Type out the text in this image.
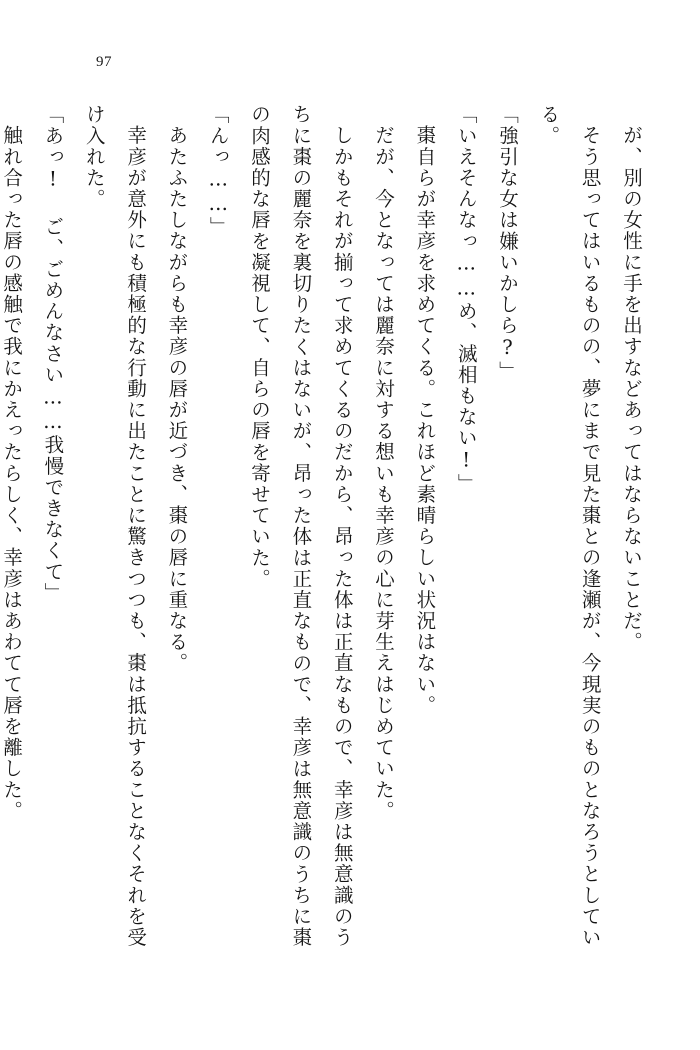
97

が、別の女性に手を出すなどあってはならないことだ。

そう思ってはいるものの、夢にまで見た棗との逢瀬が、今現実のものとなろうとしている。

「強引な女は嫌いかしら?」

「いえそんなっ……め、滅相もない!」

棗自らが幸彦を求めてくる。これほど素晴らしい状況はない。

だが、今となっては麗奈に対する想いも幸彦の心に芽生えはじめていた。

しかもそれが揃って求めてくるのだから、昂った体は正直なもので、幸彦は無意識のうちに棗の麗奈を裏切りたくはないが、昂った体は正直なもので、幸彦は無意識のうちに棗の肉感的な唇を凝視して、自らの唇を寄せていた。

「んっ……」

あたふたしながらも幸彦の唇が近づき、棗の唇に重なる。

幸彦が意外にも積極的な行動に出たことに驚きつつも、棗は抵抗することなくそれを受け入れた。

「あっ! ご、ごめんなさい……我慢できなくて」

触れ合った唇の感触で我にかえったらしく、幸彦はあわてて唇を離した。
